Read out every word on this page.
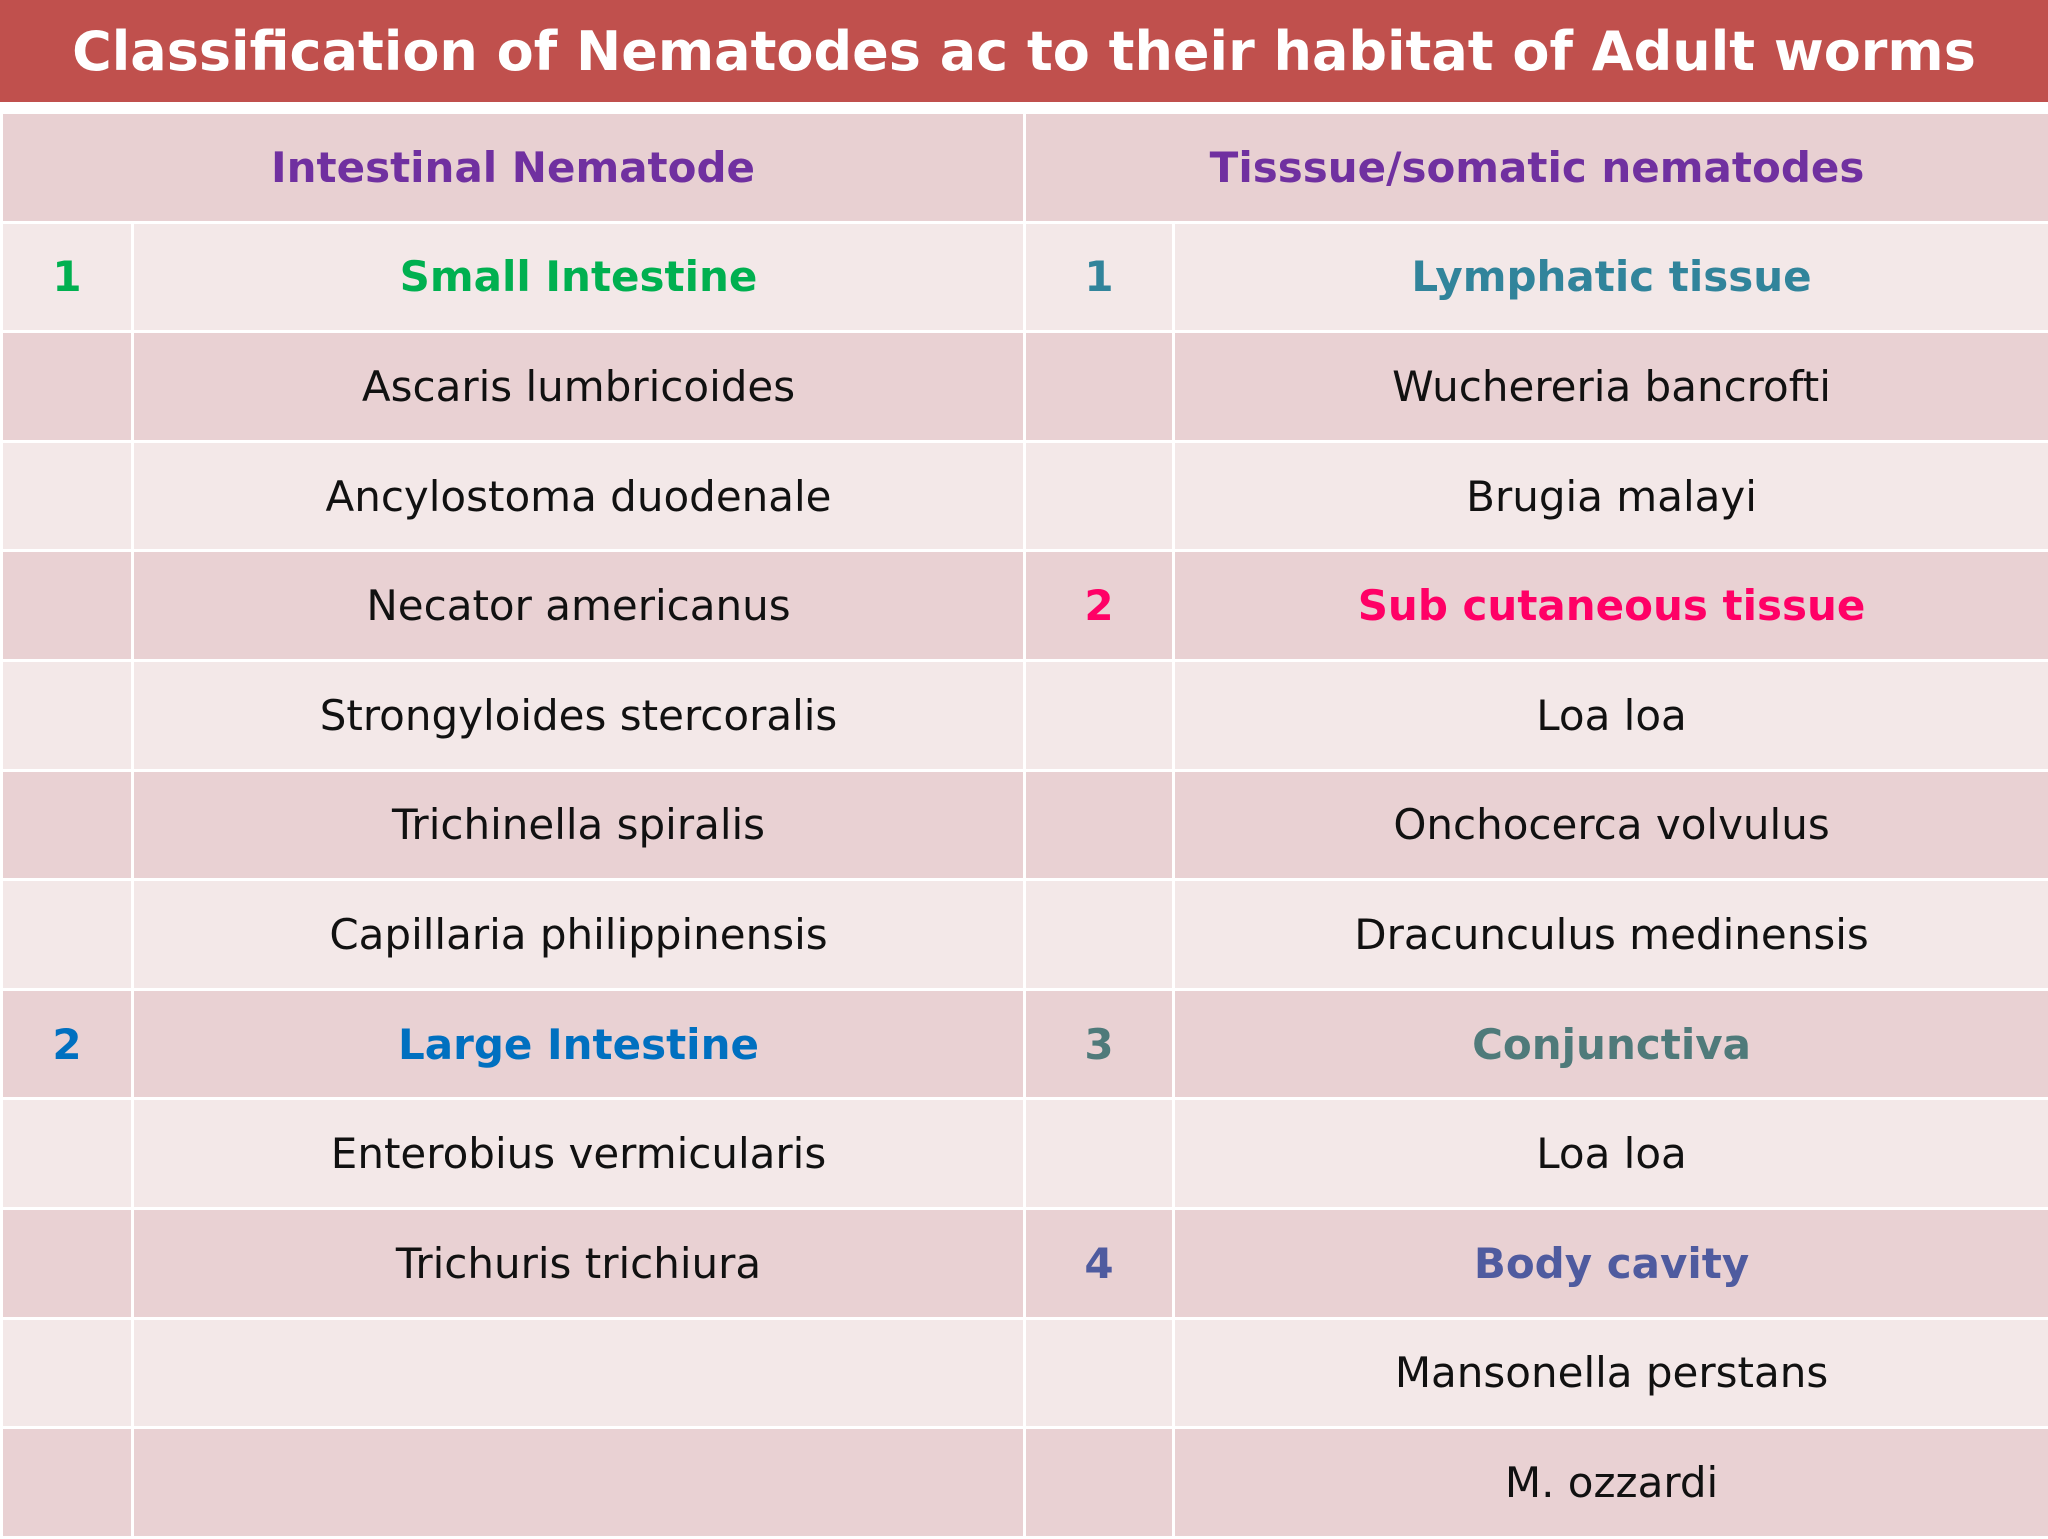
Classification of Nematodes ac to their habitat of Adult worms
Intestinal Nematode		Tisssue/somatic nematodes	
1	Small Intestine	1	Lymphatic tissue
	Ascaris lumbricoides		Wuchereria bancrofti
	Ancylostoma duodenale		Brugia malayi
	Necator americanus	2	Sub cutaneous tissue
	Strongyloides stercoralis		Loa loa
	Trichinella spiralis		Onchocerca volvulus
	Capillaria philippinensis		Dracunculus medinensis
2	Large Intestine	3	Conjunctiva
	Enterobius vermicularis		Loa loa
	Trichuris trichiura	4	Body cavity
			Mansonella perstans
			M. ozzardi
